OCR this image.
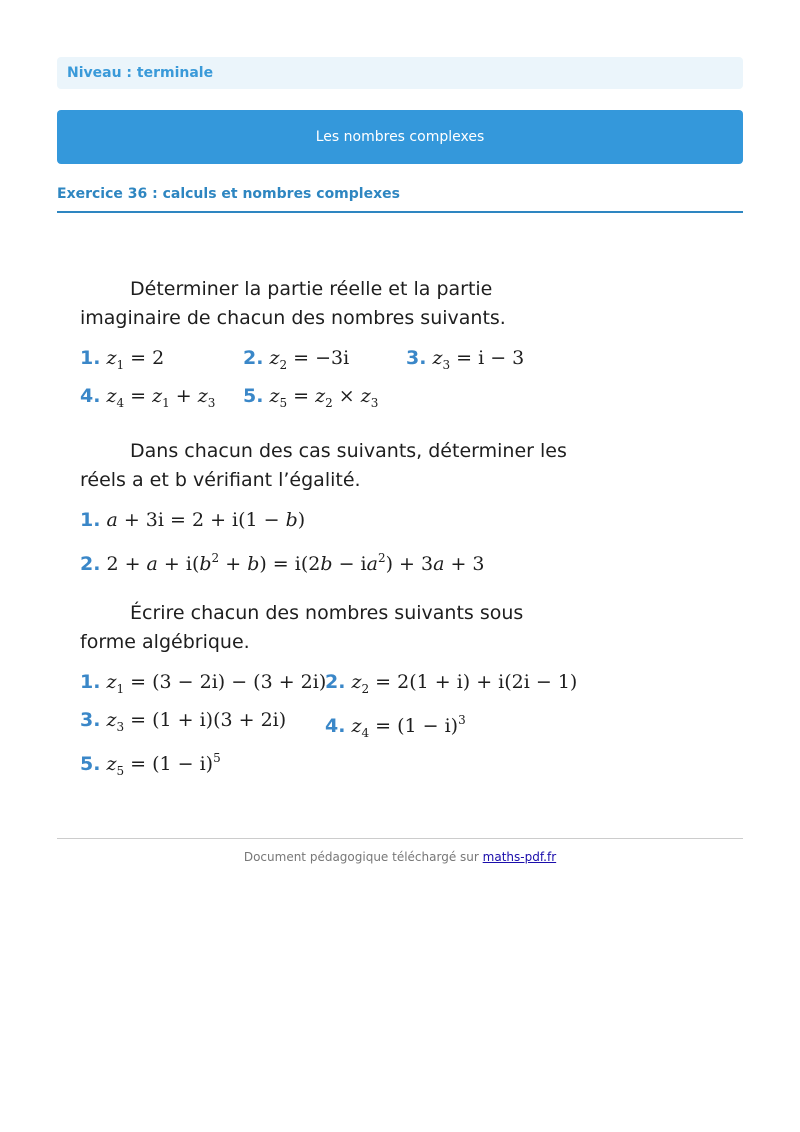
Niveau : terminale
Les nombres complexes
Exercice 36 : calculs et nombres complexes

Déterminer la partie réelle et la partie imaginaire de chacun des nombres suivants.

1. $z_1 = 2$	2. $z_2 = -3i$	3. $z_3 = i - 3$
4. $z_4 = z_1 + z_3$ 5. $z_5 = z_2 \times z_3$

Dans chacun des cas suivants, déterminer les réels a et b vérifiant l’égalité.

1. a + 3i = 2 + i(1 − b)
2. $2 + a + i(b^2 + b) = i(2b - ia^2) + 3a + 3$

Écrire chacun des nombres suivants sous forme algébrique.

1. $z_1 = (3 - 2i) - (3 + 2i)$
2. $z_2 = 2(1 + i) + i(2i - 1)$
3. $z_3 = (1 + i)(3 + 2i)$ 4. $z_4 = (1 - i)^3$
5. $z_5 = (1 - i)^5$
Document pédagogique téléchargé sur maths-pdf.fr
